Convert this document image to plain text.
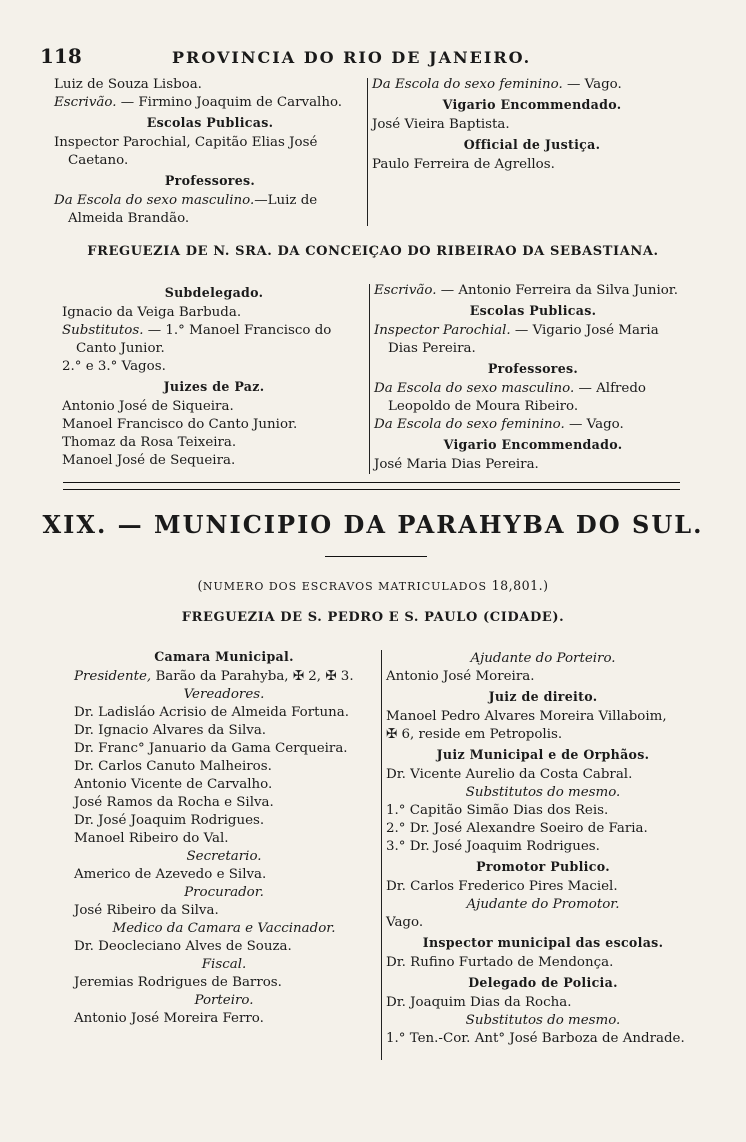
118	PROVINCIA DO RIO DE JANEIRO.
Luiz de Souza Lisboa.
Escrivão. — Firmino Joaquim de Carvalho.
Escolas Publicas.
Inspector Parochial, Capitão Elias José Caetano.
Professores.
Da Escola do sexo masculino.—Luiz de Almeida Brandão.
Da Escola do sexo feminino. — Vago.
Vigario Encommendado.
José Vieira Baptista.
Official de Justiça.
Paulo Ferreira de Agrellos.
FREGUEZIA DE N. SRA. DA CONCEIÇAO DO RIBEIRAO DA SEBASTIANA.
Subdelegado.
Ignacio da Veiga Barbuda.
Substitutos. — 1.° Manoel Francisco do Canto Junior.
2.° e 3.° Vagos.
Juizes de Paz.
Antonio José de Siqueira.
Manoel Francisco do Canto Junior.
Thomaz da Rosa Teixeira.
Manoel José de Sequeira.
Escrivão. — Antonio Ferreira da Silva Junior.
Escolas Publicas.
Inspector Parochial. — Vigario José Maria Dias Pereira.
Professores.
Da Escola do sexo masculino. — Alfredo Leopoldo de Moura Ribeiro.
Da Escola do sexo feminino. — Vago.
Vigario Encommendado.
José Maria Dias Pereira.
XIX. — MUNICIPIO DA PARAHYBA DO SUL.
(NUMERO DOS ESCRAVOS MATRICULADOS 18,801.)
FREGUEZIA DE S. PEDRO E S. PAULO (CIDADE).
Camara Municipal.
Presidente, Barão da Parahyba, ✠ 2, ✠ 3.
Vereadores.
Dr. Ladisláo Acrisio de Almeida Fortuna.
Dr. Ignacio Alvares da Silva.
Dr. Franc° Januario da Gama Cerqueira.
Dr. Carlos Canuto Malheiros.
Antonio Vicente de Carvalho.
José Ramos da Rocha e Silva.
Dr. José Joaquim Rodrigues.
Manoel Ribeiro do Val.
Secretario.
Americo de Azevedo e Silva.
Procurador.
José Ribeiro da Silva.
Medico da Camara e Vaccinador.
Dr. Deocleciano Alves de Souza.
Fiscal.
Jeremias Rodrigues de Barros.
Porteiro.
Antonio José Moreira Ferro.
Ajudante do Porteiro.
Antonio José Moreira.
Juiz de direito.
Manoel Pedro Alvares Moreira Villaboim,
✠ 6, reside em Petropolis.
Juiz Municipal e de Orphãos.
Dr. Vicente Aurelio da Costa Cabral.
Substitutos do mesmo.
1.° Capitão Simão Dias dos Reis.
2.° Dr. José Alexandre Soeiro de Faria.
3.° Dr. José Joaquim Rodrigues.
Promotor Publico.
Dr. Carlos Frederico Pires Maciel.
Ajudante do Promotor.
Vago.
Inspector municipal das escolas.
Dr. Rufino Furtado de Mendonça.
Delegado de Policia.
Dr. Joaquim Dias da Rocha.
Substitutos do mesmo.
1.° Ten.-Cor. Ant° José Barboza de Andrade.
